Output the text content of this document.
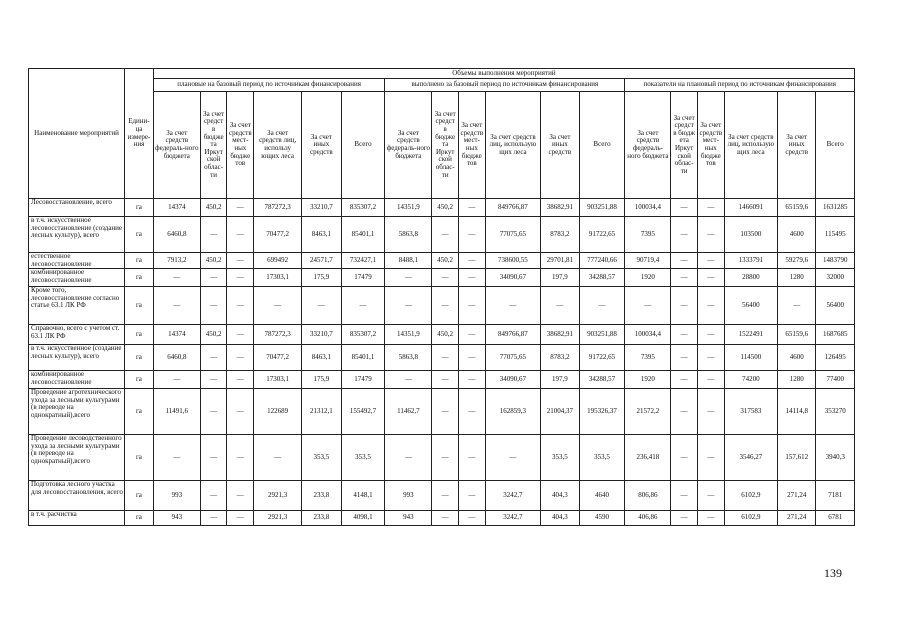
Наименование мероприятий	Едини-ца измере-ния	Объемы выполнения мероприятий																	
		плановые на базовый период по источникам финансирования						выполнено за базовый период по источникам финансирования						показатели на плановый период по источникам финансирования					
		За счет средств федераль-ного бюджета	За счет средст в бюдже та Иркут ской облас-ти	За счет средств мест-ных бюдже тов	За счет средств лиц, использу ющих леса	За счет иных средств	Всего	За счет средств федераль-ного бюджета	За счет средст в бюдже та Иркут ской облас-ти	За счет средств мест-ных бюдже тов	За счет средств лиц, использую щих леса	За счет иных средств	Всего	За счет средств федераль-ного бюджета	За счет средст в бюдж ета Иркут ской облас-ти	За счет средств мест-ных бюдже тов	За счет средств лиц, использую щих леса	За счет иных средств	Всего
Лесовосстановление, всего	га	14374	450,2	—	787272,3	33210,7	835307,2	14351,9	450,2	—	849766,87	38682,91	903251,88	100034,4	—	—	1466091	65159,6	1631285
в т.ч. искусственное лесовосстановление (создание лесных культур), всего	га	6460,8	—	—	70477,2	8463,1	85401,1	5863,8	—	—	77075,65	8783,2	91722,65	7395	—	—	103500	4600	115495
естественное лесовосстановление	га	7913,2	450,2	—	699492	24571,7	732427,1	8488,1	450,2	—	738600,55	29701,81	777240,66	90719,4	—	—	1333791	59279,6	1483790
комбинированное лесовосстановление	га	—	—	—	17303,1	175,9	17479	—	—	—	34090,67	197,9	34288,57	1920	—	—	28800	1280	32000
Кроме того, лесовосстановление согласно статье 63.1 ЛК РФ	га	—	—	—	—	—	—	—	—	—	—	—	—	—	—	—	56400	—	56400
Справочно, всего с учетом ст. 63.1 ЛК РФ	га	14374	450,2	—	787272,3	33210,7	835307,2	14351,9	450,2	—	849766,87	38682,91	903251,88	100034,4	—	—	1522491	65159,6	1687685
в т.ч. искусственное (создание лесных культур), всего	га	6460,8	—	—	70477,2	8463,1	85401,1	5863,8	—	—	77075,65	8783,2	91722,65	7395	—	—	114500	4600	126495
комбинированное лесовосстановление	га	—	—	—	17303,1	175,9	17479	—	—	—	34090,67	197,9	34288,57	1920	—	—	74200	1280	77400
Проведение агротехнического ухода за лесными культурами (в переводе на однократный),всего	га	11491,6	—	—	122689	21312,1	155492,7	11462,7	—	—	162859,3	21004,37	195326,37	21572,2	—	—	317583	14114,8	353270
Проведение лесоводственного ухода за лесными культурами (в переводе на однократный),всего	га	—	—	—	—	353,5	353,5	—	—	—	—	353,5	353,5	236,418	—	—	3546,27	157,612	3940,3
Подготовка лесного участка для лесовосстановления, всего	га	993	—	—	2921,3	233,8	4148,1	993	—	—	3242,7	404,3	4640	806,86	—	—	6102,9	271,24	7181
в т.ч. расчистка	га	943	—	—	2921,3	233,8	4098,1	943	—	—	3242,7	404,3	4590	406,86	—	—	6102,9	271,24	6781
139
